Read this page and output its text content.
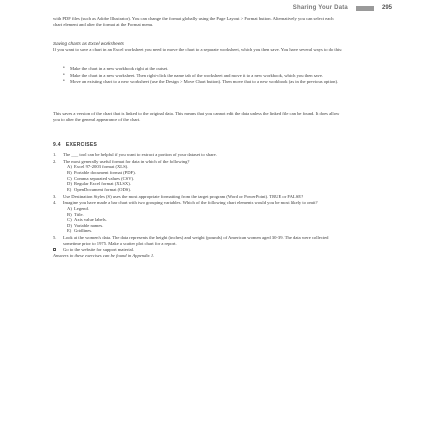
Sharing Your Data	295

with PDF files (such as Adobe Illustrator). You can change the format globally using the Page Layout > Format button. Alternatively you can select each chart element and alter the format at the Format menu.

Saving charts as Excel worksheets

If you want to save a chart in an Excel worksheet you need to move the chart to a separate worksheet, which you then save. You have several ways to do this:

• Make the chart in a new workbook right at the outset.
• Make the chart in a new worksheet. Then right-click the name tab of the worksheet and move it to a new workbook, which you then save.
• Move an existing chart to a new worksheet (use the Design > Move Chart button). Then move that to a new workbook (as in the previous option).

This saves a version of the chart that is linked to the original data. This means that you cannot edit the data unless the linked file can be found. It does allow you to alter the general appearance of the chart.

9.4 EXERCISES
1. The ___ tool can be helpful if you want to extract a portion of your dataset to share.
2. The most generally useful format for data in which of the following?
A) Excel 97-2003 format (XLS).
B) Portable document format (PDF).
C) Comma separated values (CSV).
D) Regular Excel format (XLSX).
E) OpenDocument format (ODS).
3. Use Destination Styles (S) uses the most appropriate formatting from the target program (Word or PowerPoint). TRUE or FALSE?
4. Imagine you have made a bar chart with two grouping variables. Which of the following chart elements would you be most likely to omit?
A) Legend.
B) Title.
C) Axis value labels.
D) Variable names.
E) Gridlines.
5. Look at the women's data. The data represents the height (inches) and weight (pounds) of American women aged 30-39. The data were collected sometime prior to 1975. Make a scatter plot chart for a report.
Go to the website for support material.
Answers to these exercises can be found in Appendix 1.
